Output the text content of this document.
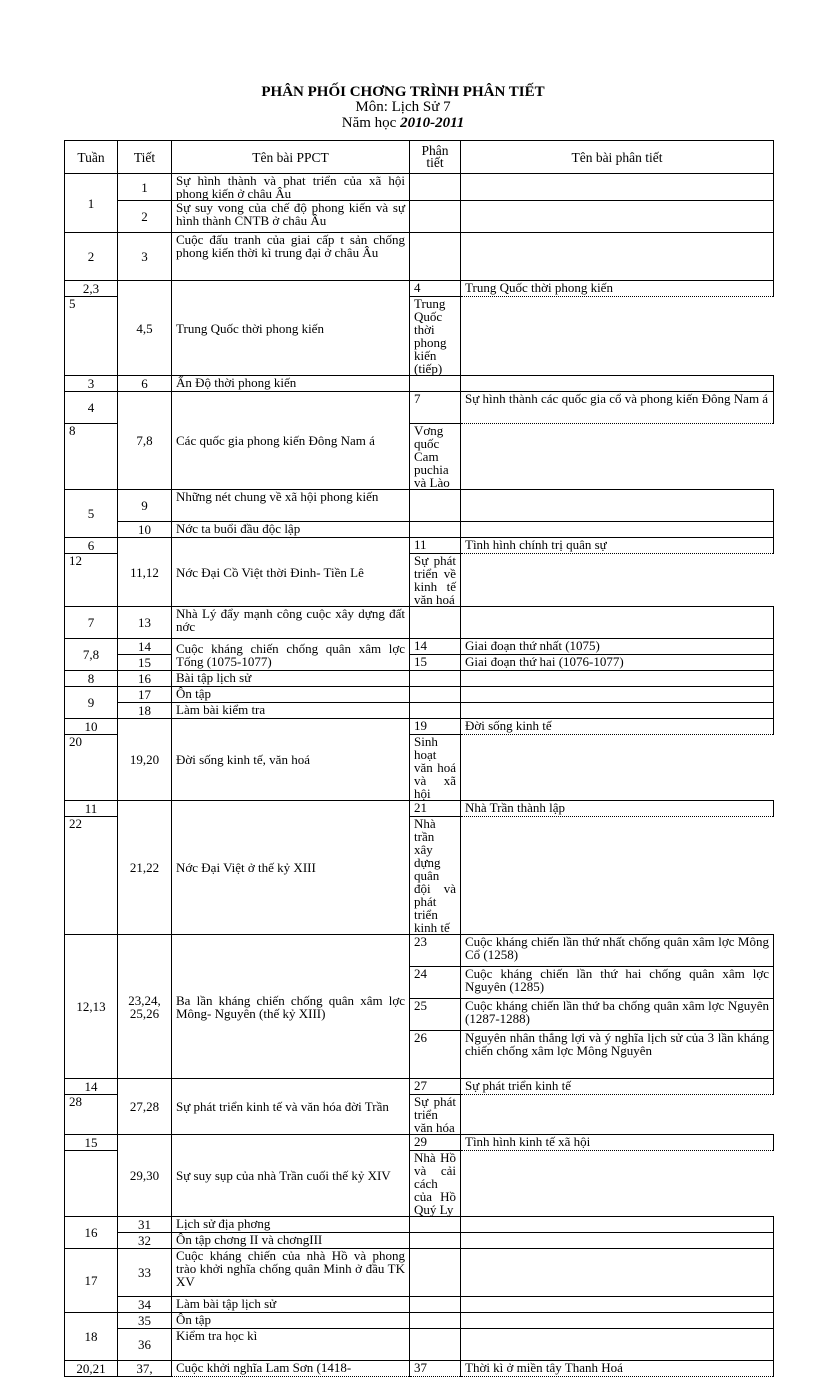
PHÂN PHỐI CHƠNG TRÌNH PHÂN TIẾT
Môn: Lịch Sử 7
Năm học 2010-2011
Tuần	Tiết	Tên bài PPCT	Phân tiết	Tên bài phân tiết
1	1	Sự hình thành và phat triển của xã hội phong kiến ở châu Âu		
	2	Sự suy vong của chế độ phong kiến và sự hình thành CNTB ở châu Âu		
2	3	Cuộc đấu tranh của giai cấp t sản chống phong kiến thời kì trung đại ở châu Âu		
2,3	4,5	Trung Quốc thời phong kiến	4	Trung Quốc thời phong kiến
5			Trung Quốc thời phong kiến (tiếp)	
3	6	Ấn Độ thời phong kiến		
4	7,8	Các quốc gia phong kiến Đông Nam á	7	Sự hình thành các quốc gia cổ và phong kiến Đông Nam á
8			Vơng quốc Cam puchia và Lào	
5	9	Những nét chung về xã hội phong kiến		
	10	Nớc ta buổi đầu độc lập		
6	11,12	Nớc Đại Cồ Việt thời Đinh- Tiền Lê	11	Tình hình chính trị quân sự
12			Sự phát triển về kinh tế văn hoá	
7	13	Nhà Lý đẩy mạnh công cuộc xây dựng đất nớc		
7,8	14	Cuộc kháng chiến chống quân xâm lợc Tống (1075-1077)	14	Giai đoạn thứ nhất (1075)
	15		15	Giai đoạn thứ hai (1076-1077)
8	16	Bài tập lịch sử		
9	17	Ôn tập		
	18	Làm bài kiểm tra		
10	19,20	Đời sống kinh tế, văn hoá	19	Đời sống kinh tế
20			Sinh hoạt văn hoá và xã hội	
11	21,22	Nớc Đại Việt ở thế kỷ XIII	21	Nhà Trần thành lập
22			Nhà trần xây dựng quân đội và phát triển kinh tế	
12,13	23,24, 25,26	Ba lần kháng chiến chống quân xâm lợc Mông- Nguyên (thế kỷ XIII)	23	Cuộc kháng chiến lần thứ nhất chống quân xâm lợc Mông Cổ (1258)
			24	Cuộc kháng chiến lần thứ hai chống quân xâm lợc Nguyên (1285)
			25	Cuộc kháng chiến lần thứ ba chống quân xâm lợc Nguyên (1287-1288)
			26	Nguyên nhân thắng lợi và ý nghĩa lịch sử của 3 lần kháng chiến chống xâm lợc Mông Nguyên
14	27,28	Sự phát triển kinh tế và văn hóa đời Trần	27	Sự phát triển kinh tế
28			Sự phát triển văn hóa	
15	29,30	Sự suy sụp của nhà Trần cuối thế kỷ XIV	29	Tình hình kinh tế xã hội
			Nhà Hồ và cải cách của Hồ Quý Ly	
16	31	Lịch sử địa phơng		
	32	Ôn tập chơng II và chơngIII		
17	33	Cuộc kháng chiến của nhà Hồ và phong trào khởi nghĩa chống quân Minh ở đầu TK XV		
	34	Làm bài tập lịch sử		
18	35	Ôn tập		
	36	Kiểm tra học kì		
20,21	37,	Cuộc khởi nghĩa Lam Sơn (1418-	37	Thời kì ở miền tây Thanh Hoá
